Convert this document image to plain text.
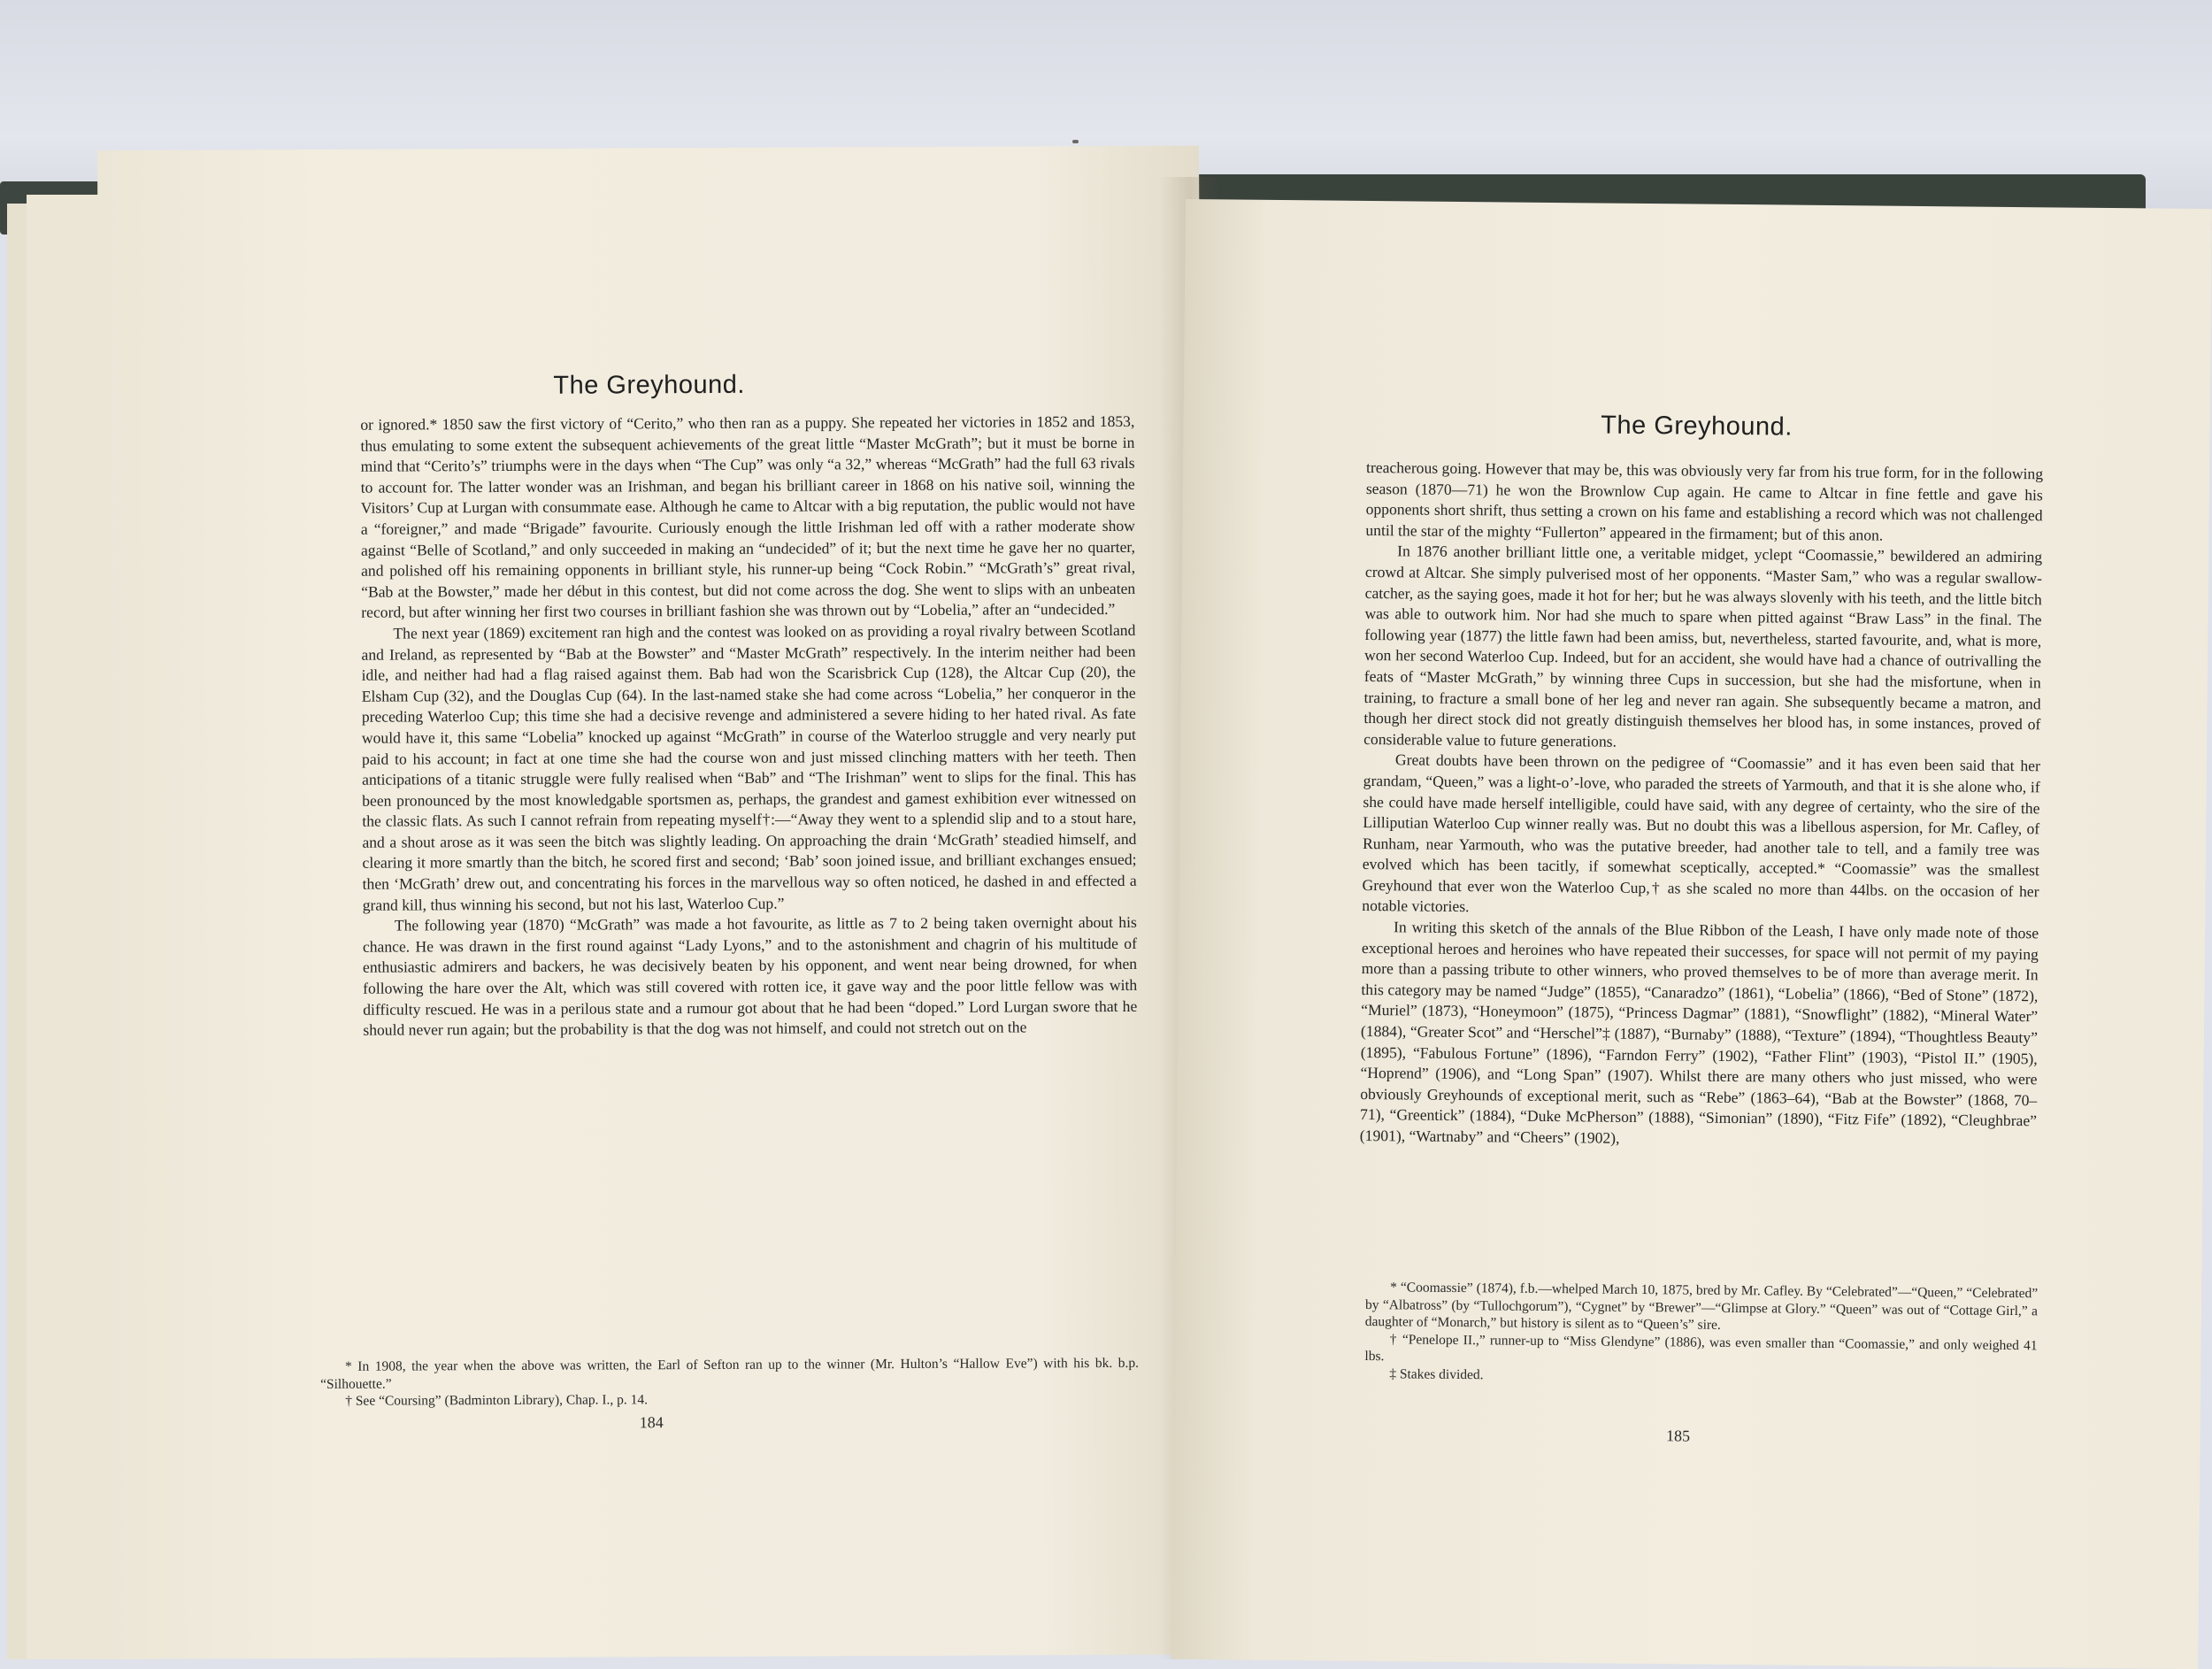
The Greyhound.

or ignored.* 1850 saw the first victory of “Cerito,” who then ran as a puppy. She repeated her victories in 1852 and 1853, thus emulating to some extent the subsequent achievements of the great little “Master McGrath”; but it must be borne in mind that “Cerito’s” triumphs were in the days when “The Cup” was only “a 32,” whereas “McGrath” had the full 63 rivals to account for. The latter wonder was an Irishman, and began his brilliant career in 1868 on his native soil, winning the Visitors’ Cup at Lurgan with consummate ease. Although he came to Altcar with a big reputation, the public would not have a “foreigner,” and made “Brigade” favourite. Curiously enough the little Irishman led off with a rather moderate show against “Belle of Scotland,” and only succeeded in making an “undecided” of it; but the next time he gave her no quarter, and polished off his remaining opponents in brilliant style, his runner-up being “Cock Robin.” “McGrath’s” great rival, “Bab at the Bowster,” made her début in this contest, but did not come across the dog. She went to slips with an unbeaten record, but after winning her first two courses in brilliant fashion she was thrown out by “Lobelia,” after an “undecided.”

The next year (1869) excitement ran high and the contest was looked on as providing a royal rivalry between Scotland and Ireland, as represented by “Bab at the Bowster” and “Master McGrath” respectively. In the interim neither had been idle, and neither had had a flag raised against them. Bab had won the Scarisbrick Cup (128), the Altcar Cup (20), the Elsham Cup (32), and the Douglas Cup (64). In the last-named stake she had come across “Lobelia,” her conqueror in the preceding Waterloo Cup; this time she had a decisive revenge and administered a severe hiding to her hated rival. As fate would have it, this same “Lobelia” knocked up against “McGrath” in course of the Waterloo struggle and very nearly put paid to his account; in fact at one time she had the course won and just missed clinching matters with her teeth. Then anticipations of a titanic struggle were fully realised when “Bab” and “The Irishman” went to slips for the final. This has been pronounced by the most knowledgable sportsmen as, perhaps, the grandest and gamest exhibition ever witnessed on the classic flats. As such I cannot refrain from repeating myself†:—“Away they went to a splendid slip and to a stout hare, and a shout arose as it was seen the bitch was slightly leading. On approaching the drain ‘McGrath’ steadied himself, and clearing it more smartly than the bitch, he scored first and second; ‘Bab’ soon joined issue, and brilliant exchanges ensued; then ‘McGrath’ drew out, and concentrating his forces in the marvellous way so often noticed, he dashed in and effected a grand kill, thus winning his second, but not his last, Waterloo Cup.”

The following year (1870) “McGrath” was made a hot favourite, as little as 7 to 2 being taken overnight about his chance. He was drawn in the first round against “Lady Lyons,” and to the astonishment and chagrin of his multitude of enthusiastic admirers and backers, he was decisively beaten by his opponent, and went near being drowned, for when following the hare over the Alt, which was still covered with rotten ice, it gave way and the poor little fellow was with difficulty rescued. He was in a perilous state and a rumour got about that he had been “doped.” Lord Lurgan swore that he should never run again; but the probability is that the dog was not himself, and could not stretch out on the

* In 1908, the year when the above was written, the Earl of Sefton ran up to the winner (Mr. Hulton’s “Hallow Eve”) with his bk. b.p. “Silhouette.”

† See “Coursing” (Badminton Library), Chap. I., p. 14.

184
The Greyhound.

treacherous going. However that may be, this was obviously very far from his true form, for in the following season (1870—71) he won the Brownlow Cup again. He came to Altcar in fine fettle and gave his opponents short shrift, thus setting a crown on his fame and establishing a record which was not challenged until the star of the mighty “Fullerton” appeared in the firmament; but of this anon.

In 1876 another brilliant little one, a veritable midget, yclept “Coomassie,” bewildered an admiring crowd at Altcar. She simply pulverised most of her opponents. “Master Sam,” who was a regular swallow-catcher, as the saying goes, made it hot for her; but he was always slovenly with his teeth, and the little bitch was able to outwork him. Nor had she much to spare when pitted against “Braw Lass” in the final. The following year (1877) the little fawn had been amiss, but, nevertheless, started favourite, and, what is more, won her second Waterloo Cup. Indeed, but for an accident, she would have had a chance of outrivalling the feats of “Master McGrath,” by winning three Cups in succession, but she had the misfortune, when in training, to fracture a small bone of her leg and never ran again. She subsequently became a matron, and though her direct stock did not greatly distinguish themselves her blood has, in some instances, proved of considerable value to future generations.

Great doubts have been thrown on the pedigree of “Coomassie” and it has even been said that her grandam, “Queen,” was a light-o’-love, who paraded the streets of Yarmouth, and that it is she alone who, if she could have made herself intelligible, could have said, with any degree of certainty, who the sire of the Lilliputian Waterloo Cup winner really was. But no doubt this was a libellous aspersion, for Mr. Cafley, of Runham, near Yarmouth, who was the putative breeder, had another tale to tell, and a family tree was evolved which has been tacitly, if somewhat sceptically, accepted.* “Coomassie” was the smallest Greyhound that ever won the Waterloo Cup,† as she scaled no more than 44lbs. on the occasion of her notable victories.

In writing this sketch of the annals of the Blue Ribbon of the Leash, I have only made note of those exceptional heroes and heroines who have repeated their successes, for space will not permit of my paying more than a passing tribute to other winners, who proved themselves to be of more than average merit. In this category may be named “Judge” (1855), “Canaradzo” (1861), “Lobelia” (1866), “Bed of Stone” (1872), “Muriel” (1873), “Honeymoon” (1875), “Princess Dagmar” (1881), “Snowflight” (1882), “Mineral Water” (1884), “Greater Scot” and “Herschel”‡ (1887), “Burnaby” (1888), “Texture” (1894), “Thoughtless Beauty” (1895), “Fabulous Fortune” (1896), “Farndon Ferry” (1902), “Father Flint” (1903), “Pistol II.” (1905), “Hoprend” (1906), and “Long Span” (1907). Whilst there are many others who just missed, who were obviously Greyhounds of exceptional merit, such as “Rebe” (1863–64), “Bab at the Bowster” (1868, 70–71), “Greentick” (1884), “Duke McPherson” (1888), “Simonian” (1890), “Fitz Fife” (1892), “Cleughbrae” (1901), “Wartnaby” and “Cheers” (1902),

* “Coomassie” (1874), f.b.—whelped March 10, 1875, bred by Mr. Cafley. By “Celebrated”—“Queen,” “Celebrated” by “Albatross” (by “Tullochgorum”), “Cygnet” by “Brewer”—“Glimpse at Glory.” “Queen” was out of “Cottage Girl,” a daughter of “Monarch,” but history is silent as to “Queen’s” sire.

† “Penelope II.,” runner-up to “Miss Glendyne” (1886), was even smaller than “Coomassie,” and only weighed 41 lbs.

‡ Stakes divided.

185
